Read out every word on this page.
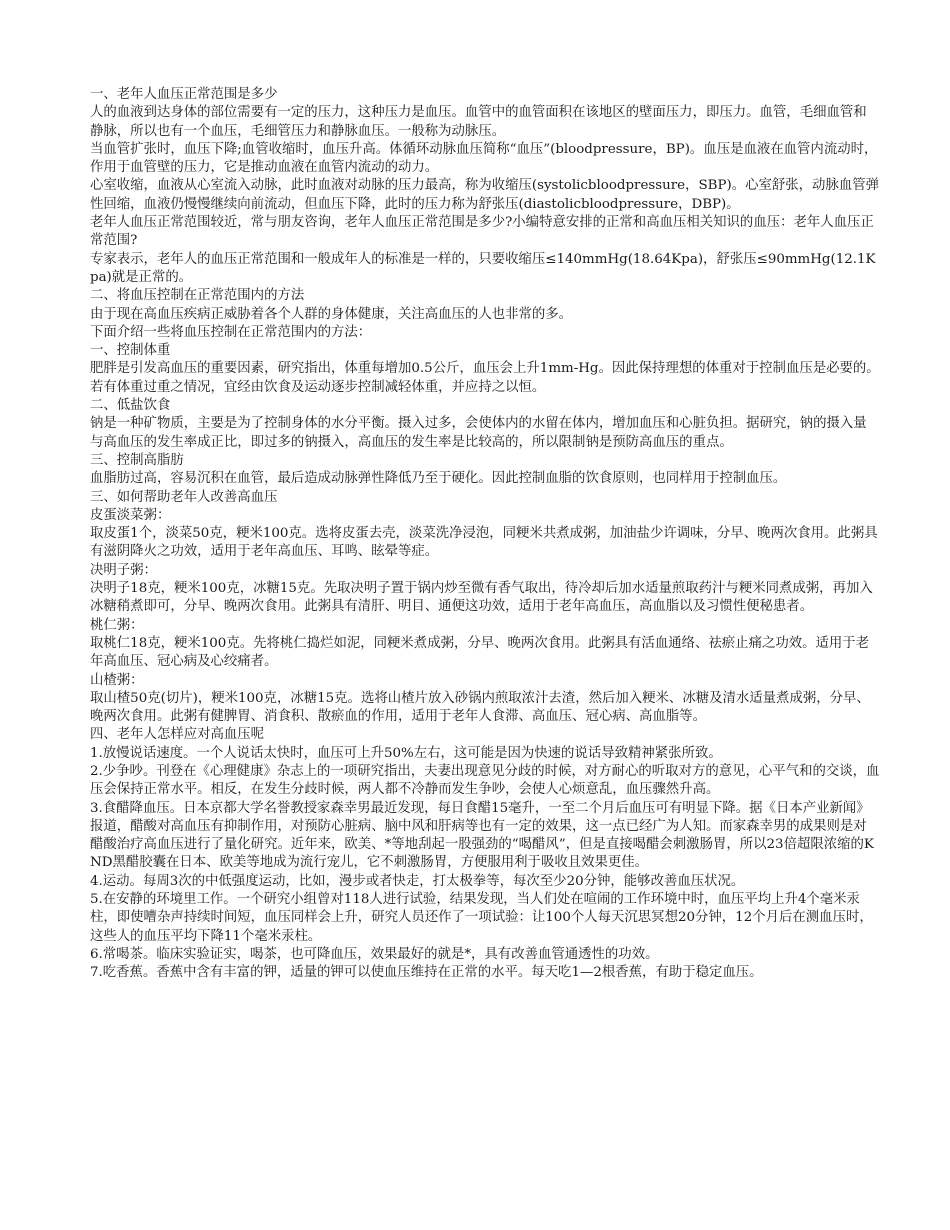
一、老年人血压正常范围是多少

人的血液到达身体的部位需要有一定的压力，这种压力是血压。血管中的血管面积在该地区的壁面压力，即压力。血管，毛细血管和静脉，所以也有一个血压，毛细管压力和静脉血压。一般称为动脉压。

当血管扩张时，血压下降;血管收缩时，血压升高。体循环动脉血压简称“血压”(bloodpressure，BP)。血压是血液在血管内流动时，作用于血管壁的压力，它是推动血液在血管内流动的动力。

心室收缩，血液从心室流入动脉，此时血液对动脉的压力最高，称为收缩压(systolicbloodpressure，SBP)。心室舒张，动脉血管弹性回缩，血液仍慢慢继续向前流动，但血压下降，此时的压力称为舒张压(diastolicbloodpressure，DBP)。

老年人血压正常范围较近，常与朋友咨询，老年人血压正常范围是多少?小编特意安排的正常和高血压相关知识的血压：老年人血压正常范围?

专家表示，老年人的血压正常范围和一般成年人的标准是一样的，只要收缩压≤140mmHg(18.64Kpa)，舒张压≤90mmHg(12.1Kpa)就是正常的。

二、将血压控制在正常范围内的方法

由于现在高血压疾病正威胁着各个人群的身体健康，关注高血压的人也非常的多。

下面介绍一些将血压控制在正常范围内的方法：

一、控制体重

肥胖是引发高血压的重要因素，研究指出，体重每增加0.5公斤，血压会上升1mm-Hg。因此保持理想的体重对于控制血压是必要的。若有体重过重之情况，宜经由饮食及运动逐步控制减轻体重，并应持之以恒。

二、低盐饮食

钠是一种矿物质，主要是为了控制身体的水分平衡。摄入过多，会使体内的水留在体内，增加血压和心脏负担。据研究，钠的摄入量与高血压的发生率成正比，即过多的钠摄入，高血压的发生率是比较高的，所以限制钠是预防高血压的重点。

三、控制高脂肪

血脂肪过高，容易沉积在血管，最后造成动脉弹性降低乃至于硬化。因此控制血脂的饮食原则，也同样用于控制血压。

三、如何帮助老年人改善高血压

皮蛋淡菜粥：

取皮蛋1个，淡菜50克，粳米100克。选将皮蛋去壳，淡菜洗净浸泡，同粳米共煮成粥，加油盐少许调味，分早、晚两次食用。此粥具有滋阴降火之功效，适用于老年高血压、耳鸣、眩晕等症。

决明子粥：

决明子18克，粳米100克，冰糖15克。先取决明子置于锅内炒至微有香气取出，待冷却后加水适量煎取药汁与粳米同煮成粥，再加入冰糖稍煮即可，分早、晚两次食用。此粥具有清肝、明目、通便这功效，适用于老年高血压，高血脂以及习惯性便秘患者。

桃仁粥：

取桃仁18克，粳米100克。先将桃仁捣烂如泥，同粳米煮成粥，分早、晚两次食用。此粥具有活血通络、祛瘀止痛之功效。适用于老年高血压、冠心病及心绞痛者。

山楂粥：

取山楂50克(切片)，粳米100克，冰糖15克。选将山楂片放入砂锅内煎取浓汁去渣，然后加入粳米、冰糖及清水适量煮成粥，分早、晚两次食用。此粥有健脾胃、消食积、散瘀血的作用，适用于老年人食滞、高血压、冠心病、高血脂等。

四、老年人怎样应对高血压呢

1.放慢说话速度。一个人说话太快时，血压可上升50%左右，这可能是因为快速的说话导致精神紧张所致。

2.少争吵。刊登在《心理健康》杂志上的一项研究指出，夫妻出现意见分歧的时候，对方耐心的听取对方的意见，心平气和的交谈，血压会保持正常水平。相反，在发生分歧时候，两人都不冷静而发生争吵，会使人心烦意乱，血压骤然升高。

3.食醋降血压。日本京都大学名誉教授家森幸男最近发现，每日食醋15毫升，一至二个月后血压可有明显下降。据《日本产业新闻》报道，醋酸对高血压有抑制作用，对预防心脏病、脑中风和肝病等也有一定的效果，这一点已经广为人知。而家森幸男的成果则是对醋酸治疗高血压进行了量化研究。近年来，欧美、*等地刮起一股强劲的“喝醋风”，但是直接喝醋会刺激肠胃，所以23倍超限浓缩的KND黑醋胶囊在日本、欧美等地成为流行宠儿，它不刺激肠胃，方便服用利于吸收且效果更佳。

4.运动。每周3次的中低强度运动，比如，漫步或者快走，打太极拳等，每次至少20分钟，能够改善血压状况。

5.在安静的环境里工作。一个研究小组曾对118人进行试验，结果发现，当人们处在喧闹的工作环境中时，血压平均上升4个毫米汞柱，即使嘈杂声持续时间短，血压同样会上升，研究人员还作了一项试验：让100个人每天沉思冥想20分钟，12个月后在测血压时，这些人的血压平均下降11个毫米汞柱。

6.常喝茶。临床实验证实，喝茶，也可降血压，效果最好的就是*，具有改善血管通透性的功效。

7.吃香蕉。香蕉中含有丰富的钾，适量的钾可以使血压维持在正常的水平。每天吃1—2根香蕉，有助于稳定血压。
